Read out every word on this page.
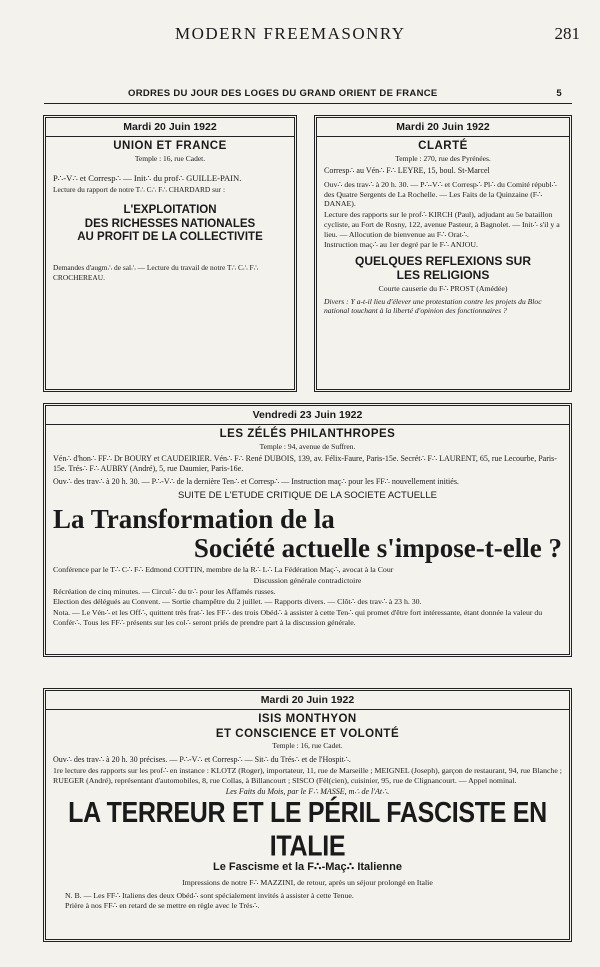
MODERN FREEMASONRY	281
ORDRES DU JOUR DES LOGES DU GRAND ORIENT DE FRANCE	5
Mardi 20 Juin 1922
UNION ET FRANCE
Temple : 16, rue Cadet.
P∴-V∴ et Corresp∴ — Init∴ du prof∴ GUILLE-PAIN.
Lecture du rapport de notre T∴ C∴ F∴ CHARDARD sur :
L'EXPLOITATION
DES RICHESSES NATIONALES
AU PROFIT DE LA COLLECTIVITE
Demandes d'augm∴ de sal∴ — Lecture du travail de notre T∴ C∴ F∴ CROCHEREAU.
Mardi 20 Juin 1922
CLARTÉ
Temple : 270, rue des Pyrénées.
Corresp∴ au Vén∴ F∴ LEYRE, 15, boul. St-Marcel
Ouv∴ des trav∴ à 20 h. 30. — P∴-V∴ et Corresp∴ Pl∴ du Comité républ∴ des Quatre Sergents de La Rochelle. — Les Faits de la Quinzaine (F∴ DANAE).
Lecture des rapports sur le prof∴ KIRCH (Paul), adjudant au 5e bataillon cycliste, au Fort de Rosny, 122, avenue Pasteur, à Bagnolet. — Init∴ s'il y a lieu. — Allocution de bienvenue au F∴ Orat∴.
Instruction maç∴ au 1er degré par le F∴ ANJOU.
QUELQUES REFLEXIONS SUR
LES RELIGIONS
Courte causerie du F∴ PROST (Amédée)
Divers : Y a-t-il lieu d'élever une protestation contre les projets du Bloc national touchant à la liberté d'opinion des fonctionnaires ?
Vendredi 23 Juin 1922
LES ZÉLÉS PHILANTHROPES
Temple : 94, avenue de Suffren.
Vén∴ d'hon∴ FF∴ Dr BOURY et CAUDEIRIER. Vén∴ F∴ René DUBOIS, 139, av. Félix-Faure, Paris-15e. Secrét∴ F∴ LAURENT, 65, rue Lecourbe, Paris-15e. Trés∴ F∴ AUBRY (André), 5, rue Daumier, Paris-16e.
Ouv∴ des trav∴ à 20 h. 30. — P∴-V∴ de la dernière Ten∴ et Corresp∴ — Instruction maç∴ pour les FF∴ nouvellement initiés.
SUITE DE L'ETUDE CRITIQUE DE LA SOCIETE ACTUELLE
La Transformation de la
Société actuelle s'impose-t-elle ?
Conférence par le T∴ C∴ F∴ Edmond COTTIN, membre de la R∴ L∴ La Fédération Maç∴, avocat à la Cour
Discussion générale contradictoire
Récréation de cinq minutes. — Circul∴ du tr∴ pour les Affamés russes.
Election des délégués au Convent. — Sortie champêtre du 2 juillet. — Rapports divers. — Clôt∴ des trav∴ à 23 h. 30.
Nota. — Le Vén∴ et les Off∴, quittent très frat∴ les FF∴ des trois Obéd∴ à assister à cette Ten∴ qui promet d'être fort intéressante, étant donnée la valeur du Confér∴. Tous les FF∴ présents sur les col∴ seront priés de prendre part à la discussion générale.
Mardi 20 Juin 1922
ISIS MONTHYON
ET CONSCIENCE ET VOLONTÉ
Temple : 16, rue Cadet.
Ouv∴ des trav∴ à 20 h. 30 précises. — P∴-V∴ et Corresp∴ — Sit∴ du Trés∴ et de l'Hospit∴.
1re lecture des rapports sur les prof∴ en instance : KLOTZ (Roger), importateur, 11, rue de Marseille ; MEIGNEL (Joseph), garçon de restaurant, 94, rue Blanche ; RUEGER (André), représentant d'automobiles, 8, rue Collas, à Billancourt ; SISCO (Fél(cien), cuisinier, 95, rue de Clignancourt. — Appel nominal.
Les Faits du Mois, par le F∴ MASSE, m∴ de l'At∴.
LA TERREUR ET LE PÉRIL FASCISTE EN ITALIE
Le Fascisme et la F∴-Maç∴ Italienne
Impressions de notre F∴ MAZZINI, de retour, après un séjour prolongé en Italie
N. B. — Les FF∴ Italiens des deux Obéd∴ sont spécialement invités à assister à cette Tenue.
Prière à nos FF∴ en retard de se mettre en règle avec le Trés∴.
